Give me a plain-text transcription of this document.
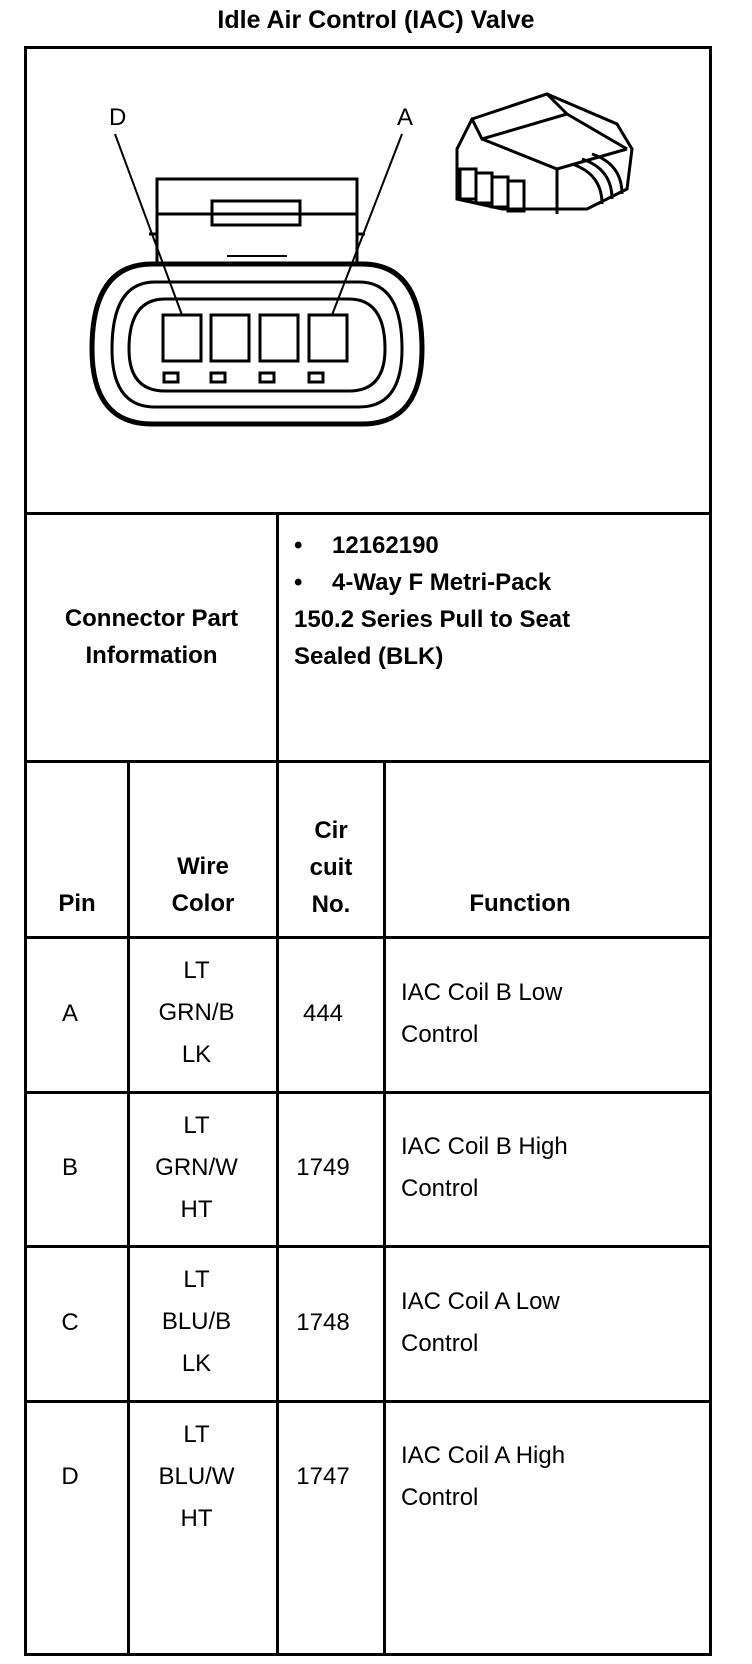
Idle Air Control (IAC) Valve
D	A
Connector Part
Information
• 12162190
• 4-Way F Metri-Pack
150.2 Series Pull to Seat
Sealed (BLK)
Pin
Wire
Color
Cir
cuit
No.	Function
A
LT
GRN/B
LK
444
IAC Coil B Low
Control
B
LT
GRN/W
HT
1749
IAC Coil B High
Control
C
LT
BLU/B
LK
1748
IAC Coil A Low
Control
D
LT
BLU/W
HT
1747
IAC Coil A High
Control
